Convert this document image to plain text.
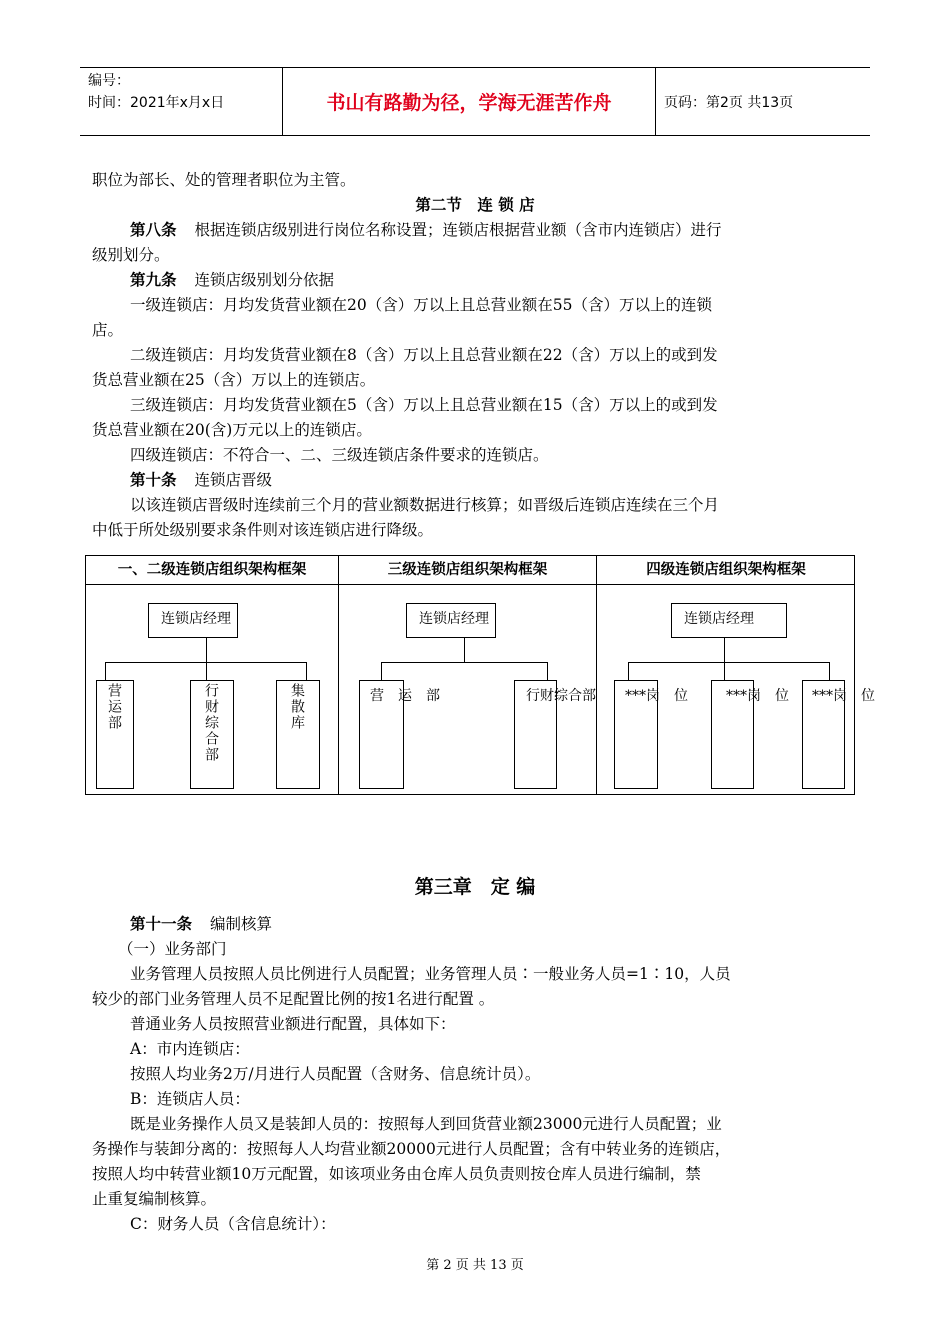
编号：
时间：2021年x月x日	书山有路勤为径，学海无涯苦作舟	页码：第2页 共13页
职位为部长、处的管理者职位为主管。
第二节　连 锁 店
第八条 根据连锁店级别进行岗位名称设置；连锁店根据营业额（含市内连锁店）进行
级别划分。
第九条 连锁店级别划分依据
一级连锁店：月均发货营业额在20（含）万以上且总营业额在55（含）万以上的连锁
店。
二级连锁店：月均发货营业额在8（含）万以上且总营业额在22（含）万以上的或到发
货总营业额在25（含）万以上的连锁店。
三级连锁店：月均发货营业额在5（含）万以上且总营业额在15（含）万以上的或到发
货总营业额在20(含)万元以上的连锁店。
四级连锁店：不符合一、二、三级连锁店条件要求的连锁店。
第十条 连锁店晋级
以该连锁店晋级时连续前三个月的营业额数据进行核算；如晋级后连锁店连续在三个月
中低于所处级别要求条件则对该连锁店进行降级。
一、二级连锁店组织架构框架	三级连锁店组织架构框架	四级连锁店组织架构框架
连锁店经理
营运部	行财综合部	集散库
连锁店经理
营　运　部	行财综合部
连锁店经理
***岗　位	***岗　位 ***岗　位
第三章　定 编
第十一条 编制核算
（一）业务部门
业务管理人员按照人员比例进行人员配置；业务管理人员∶一般业务人员=1∶10，人员
较少的部门业务管理人员不足配置比例的按1名进行配置 。
普通业务人员按照营业额进行配置，具体如下：
A：市内连锁店：
按照人均业务2万/月进行人员配置（含财务、信息统计员）。
B：连锁店人员：
既是业务操作人员又是装卸人员的：按照每人到回货营业额23000元进行人员配置；业
务操作与装卸分离的：按照每人人均营业额20000元进行人员配置；含有中转业务的连锁店，
按照人均中转营业额10万元配置，如该项业务由仓库人员负责则按仓库人员进行编制，禁
止重复编制核算。
C：财务人员（含信息统计）：
第 2 页 共 13 页
